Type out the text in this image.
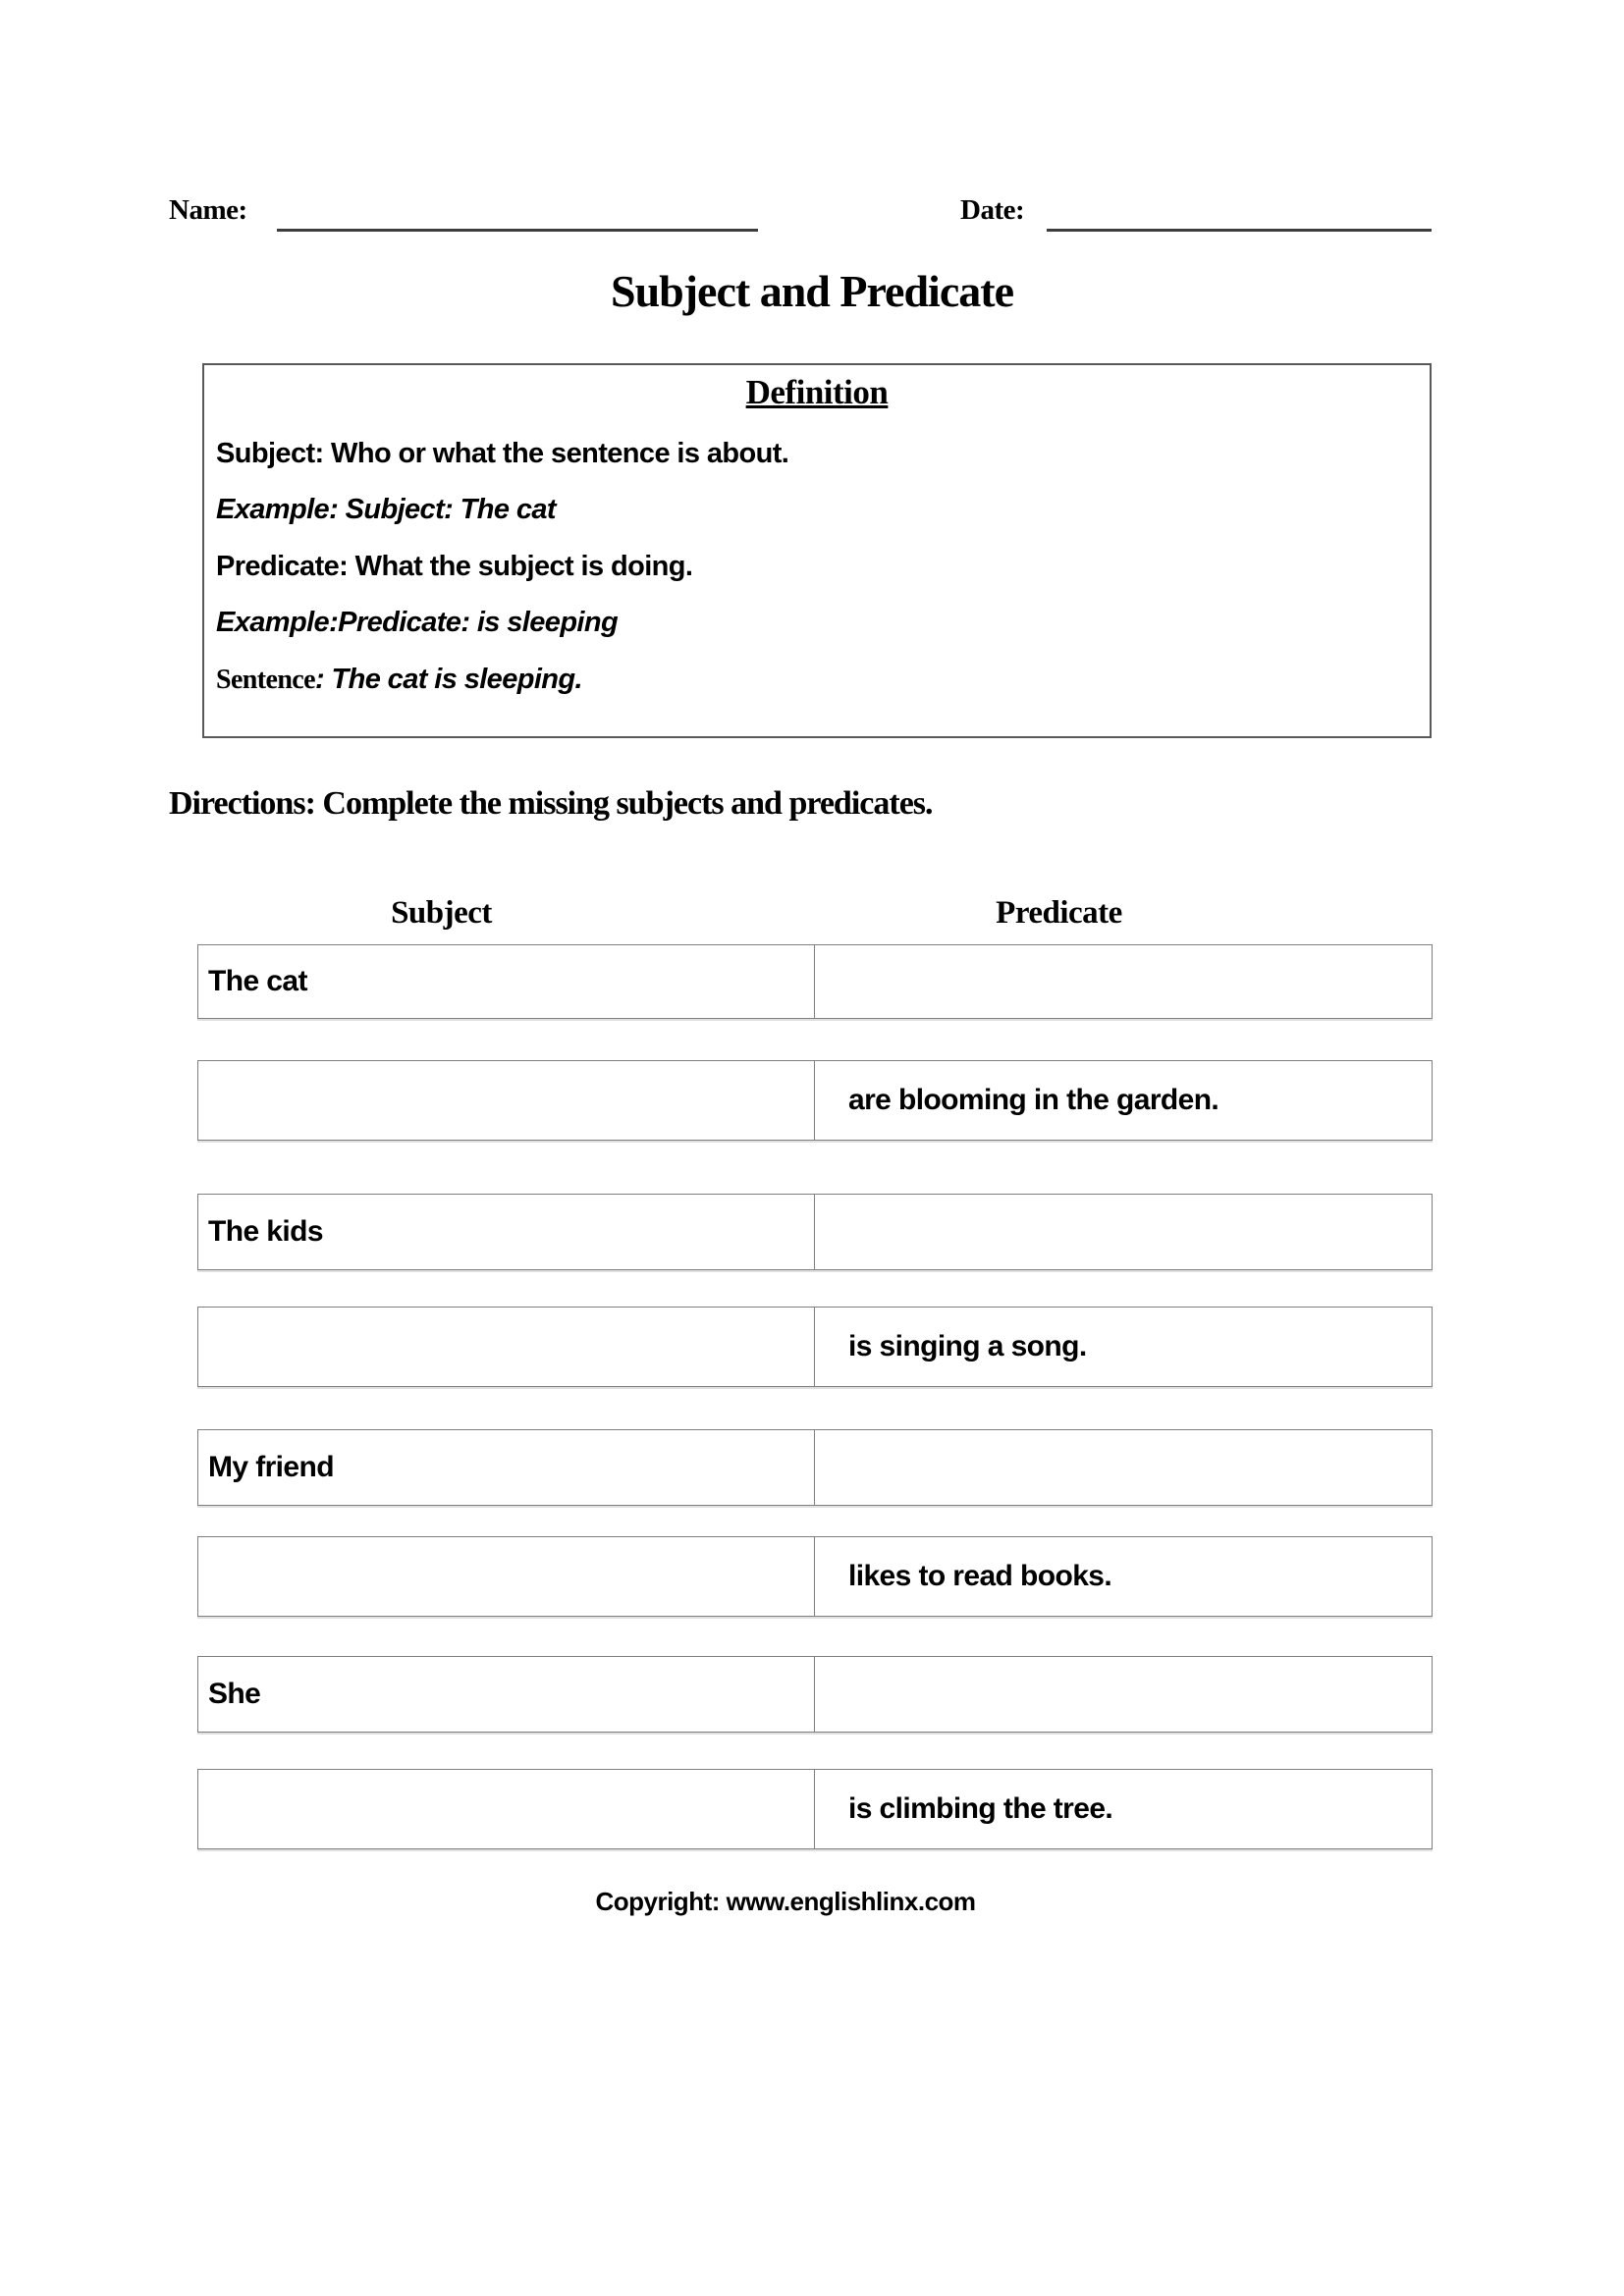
Name:	Date:
Subject and Predicate
Definition
Subject: Who or what the sentence is about.
Example: Subject: The cat
Predicate: What the subject is doing.
Example:Predicate: is sleeping
Sentence: The cat is sleeping.
Directions: Complete the missing subjects and predicates.
Subject	Predicate
The cat
are blooming in the garden.
The kids
is singing a song.
My friend
likes to read books.
She
is climbing the tree.
Copyright: www.englishlinx.com
